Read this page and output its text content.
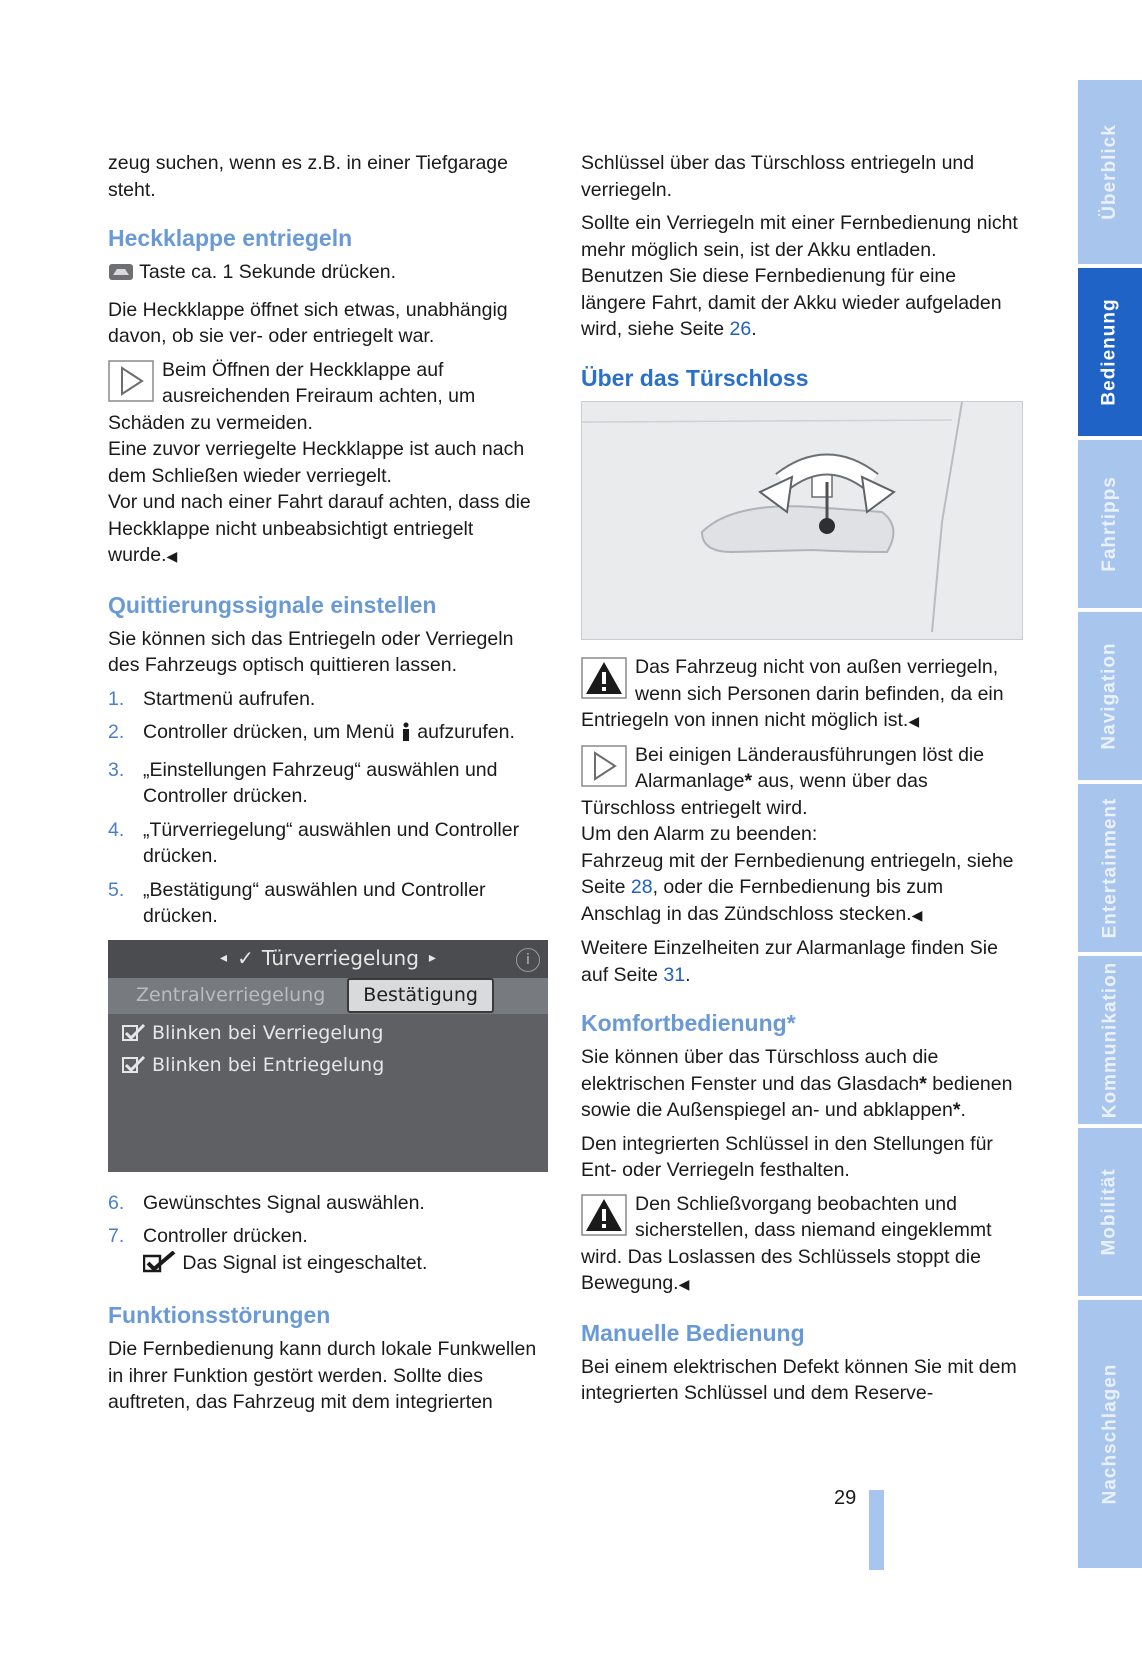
Überblick
Bedienung
Fahrtipps
Navigation
Entertainment
Kommunikation
Mobilität
Nachschlagen

zeug suchen, wenn es z.B. in einer Tiefgarage steht.

Heckklappe entriegeln

Taste ca. 1 Sekunde drücken.

Die Heckklappe öffnet sich etwas, unabhängig davon, ob sie ver- oder entriegelt war.

Beim Öffnen der Heckklappe auf ausreichenden Freiraum achten, um Schäden zu vermeiden.
Eine zuvor verriegelte Heckklappe ist auch nach dem Schließen wieder verriegelt.
Vor und nach einer Fahrt darauf achten, dass die Heckklappe nicht unbeabsichtigt entriegelt wurde.◀
Quittierungssignale einstellen

Sie können sich das Entriegeln oder Verriegeln des Fahrzeugs optisch quittieren lassen.

1. Startmenü aufrufen.
2. Controller drücken, um Menü aufzurufen.
3. „Einstellungen Fahrzeug“ auswählen und Controller drücken.
4. „Türverriegelung“ auswählen und Controller drücken.
5. „Bestätigung“ auswählen und Controller drücken.
◂ ✓ Türverriegelung ▸	i
Zentralverriegelung	Bestätigung
Blinken bei Verriegelung
Blinken bei Entriegelung
6. Gewünschtes Signal auswählen.
7. Controller drücken.
Das Signal ist eingeschaltet.
Funktionsstörungen

Die Fernbedienung kann durch lokale Funkwellen in ihrer Funktion gestört werden. Sollte dies auftreten, das Fahrzeug mit dem integrierten

Schlüssel über das Türschloss entriegeln und verriegeln.

Sollte ein Verriegeln mit einer Fernbedienung nicht mehr möglich sein, ist der Akku entladen. Benutzen Sie diese Fernbedienung für eine längere Fahrt, damit der Akku wieder aufgeladen wird, siehe Seite 26.

Über das Türschloss
Das Fahrzeug nicht von außen verriegeln, wenn sich Personen darin befinden, da ein Entriegeln von innen nicht möglich ist.◀
Bei einigen Länderausführungen löst die Alarmanlage* aus, wenn über das Türschloss entriegelt wird.
Um den Alarm zu beenden:
Fahrzeug mit der Fernbedienung entriegeln, siehe Seite 28, oder die Fernbedienung bis zum Anschlag in das Zündschloss stecken.◀

Weitere Einzelheiten zur Alarmanlage finden Sie auf Seite 31.

Komfortbedienung*

Sie können über das Türschloss auch die elektrischen Fenster und das Glasdach* bedienen sowie die Außenspiegel an- und abklappen*.

Den integrierten Schlüssel in den Stellungen für Ent- oder Verriegeln festhalten.

Den Schließvorgang beobachten und sicherstellen, dass niemand eingeklemmt wird. Das Loslassen des Schlüssels stoppt die Bewegung.◀
Manuelle Bedienung

Bei einem elektrischen Defekt können Sie mit dem integrierten Schlüssel und dem Reserve-

29
